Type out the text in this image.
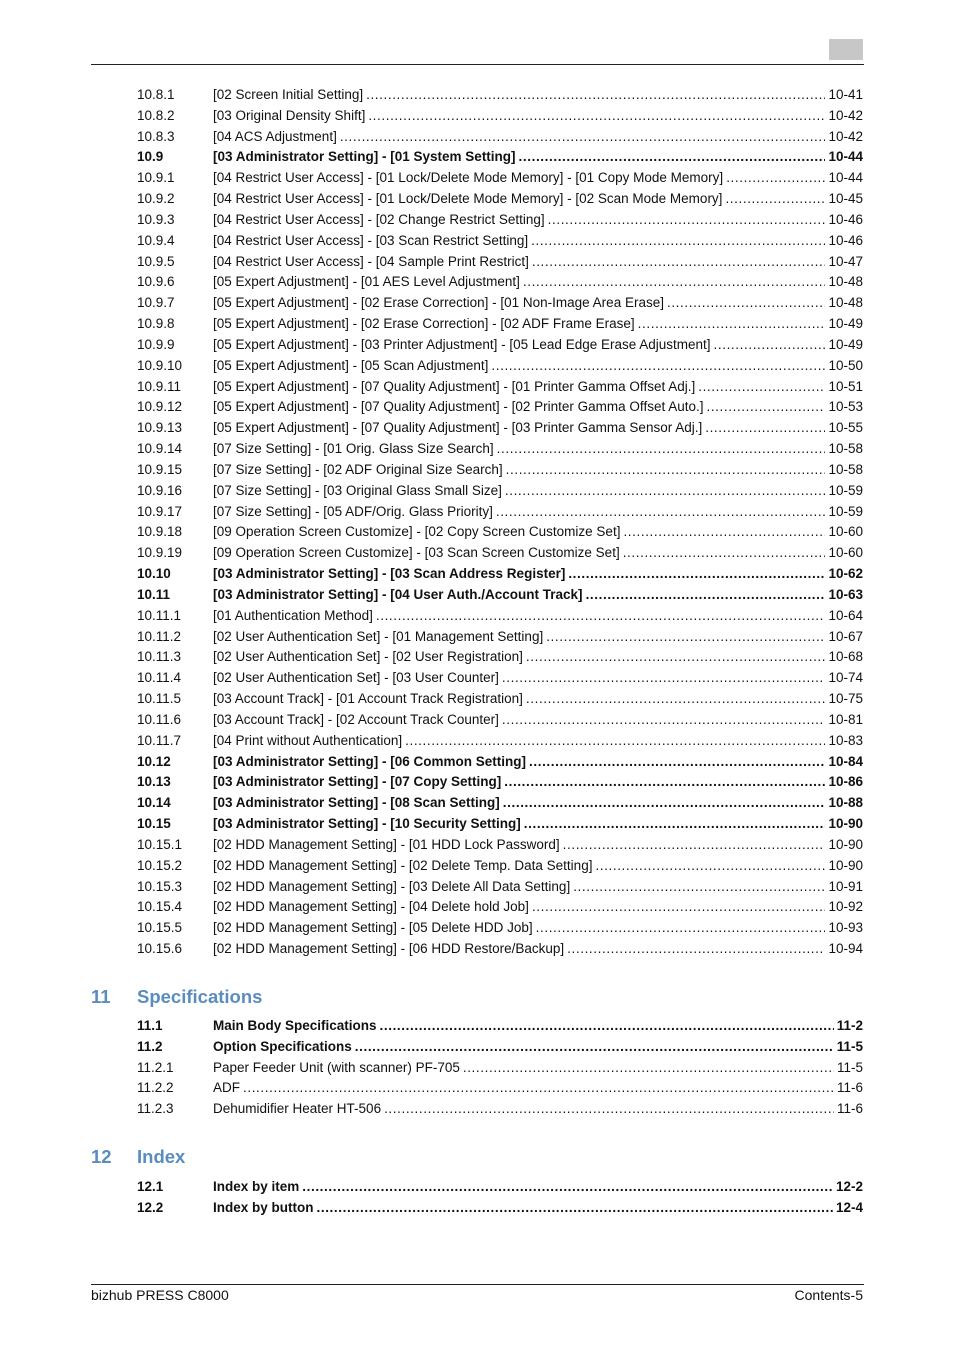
10.8.1	[02 Screen Initial Setting] .....	10-41
10.8.2	[03 Original Density Shift] .....	10-42
10.8.3	[04 ACS Adjustment] .....	10-42
10.9	[03 Administrator Setting] - [01 System Setting] .....	10-44
10.9.1	[04 Restrict User Access] - [01 Lock/Delete Mode Memory] - [01 Copy Mode Memory] .....	10-44
10.9.2	[04 Restrict User Access] - [01 Lock/Delete Mode Memory] - [02 Scan Mode Memory] .....	10-45
10.9.3	[04 Restrict User Access] - [02 Change Restrict Setting] .....	10-46
10.9.4	[04 Restrict User Access] - [03 Scan Restrict Setting] .....	10-46
10.9.5	[04 Restrict User Access] - [04 Sample Print Restrict] .....	10-47
10.9.6	[05 Expert Adjustment] - [01 AES Level Adjustment] .....	10-48
10.9.7	[05 Expert Adjustment] - [02 Erase Correction] - [01 Non-Image Area Erase] .....	10-48
10.9.8	[05 Expert Adjustment] - [02 Erase Correction] - [02 ADF Frame Erase] .....	10-49
10.9.9	[05 Expert Adjustment] - [03 Printer Adjustment] - [05 Lead Edge Erase Adjustment] .....	10-49
10.9.10	[05 Expert Adjustment] - [05 Scan Adjustment] .....	10-50
10.9.11	[05 Expert Adjustment] - [07 Quality Adjustment] - [01 Printer Gamma Offset Adj.] .....	10-51
10.9.12	[05 Expert Adjustment] - [07 Quality Adjustment] - [02 Printer Gamma Offset Auto.] .....	10-53
10.9.13	[05 Expert Adjustment] - [07 Quality Adjustment] - [03 Printer Gamma Sensor Adj.] .....	10-55
10.9.14	[07 Size Setting] - [01 Orig. Glass Size Search] .....	10-58
10.9.15	[07 Size Setting] - [02 ADF Original Size Search] .....	10-58
10.9.16	[07 Size Setting] - [03 Original Glass Small Size] .....	10-59
10.9.17	[07 Size Setting] - [05 ADF/Orig. Glass Priority] .....	10-59
10.9.18	[09 Operation Screen Customize] - [02 Copy Screen Customize Set] .....	10-60
10.9.19	[09 Operation Screen Customize] - [03 Scan Screen Customize Set] .....	10-60
10.10	[03 Administrator Setting] - [03 Scan Address Register] .....	10-62
10.11	[03 Administrator Setting] - [04 User Auth./Account Track] .....	10-63
10.11.1	[01 Authentication Method] .....	10-64
10.11.2	[02 User Authentication Set] - [01 Management Setting] .....	10-67
10.11.3	[02 User Authentication Set] - [02 User Registration] .....	10-68
10.11.4	[02 User Authentication Set] - [03 User Counter] .....	10-74
10.11.5	[03 Account Track] - [01 Account Track Registration] .....	10-75
10.11.6	[03 Account Track] - [02 Account Track Counter] .....	10-81
10.11.7	[04 Print without Authentication] .....	10-83
10.12	[03 Administrator Setting] - [06 Common Setting] .....	10-84
10.13	[03 Administrator Setting] - [07 Copy Setting] .....	10-86
10.14	[03 Administrator Setting] - [08 Scan Setting] .....	10-88
10.15	[03 Administrator Setting] - [10 Security Setting] .....	10-90
10.15.1	[02 HDD Management Setting] - [01 HDD Lock Password] .....	10-90
10.15.2	[02 HDD Management Setting] - [02 Delete Temp. Data Setting] .....	10-90
10.15.3	[02 HDD Management Setting] - [03 Delete All Data Setting] .....	10-91
10.15.4	[02 HDD Management Setting] - [04 Delete hold Job] .....	10-92
10.15.5	[02 HDD Management Setting] - [05 Delete HDD Job] .....	10-93
10.15.6	[02 HDD Management Setting] - [06 HDD Restore/Backup] .....	10-94
11	Specifications
11.1	Main Body Specifications .....	11-2
11.2	Option Specifications .....	11-5
11.2.1	Paper Feeder Unit (with scanner) PF-705 .....	11-5
11.2.2	ADF .....	11-6
11.2.3	Dehumidifier Heater HT-506 .....	11-6
12	Index
12.1	Index by item .....	12-2
12.2	Index by button .....	12-4
bizhub PRESS C8000	Contents-5
